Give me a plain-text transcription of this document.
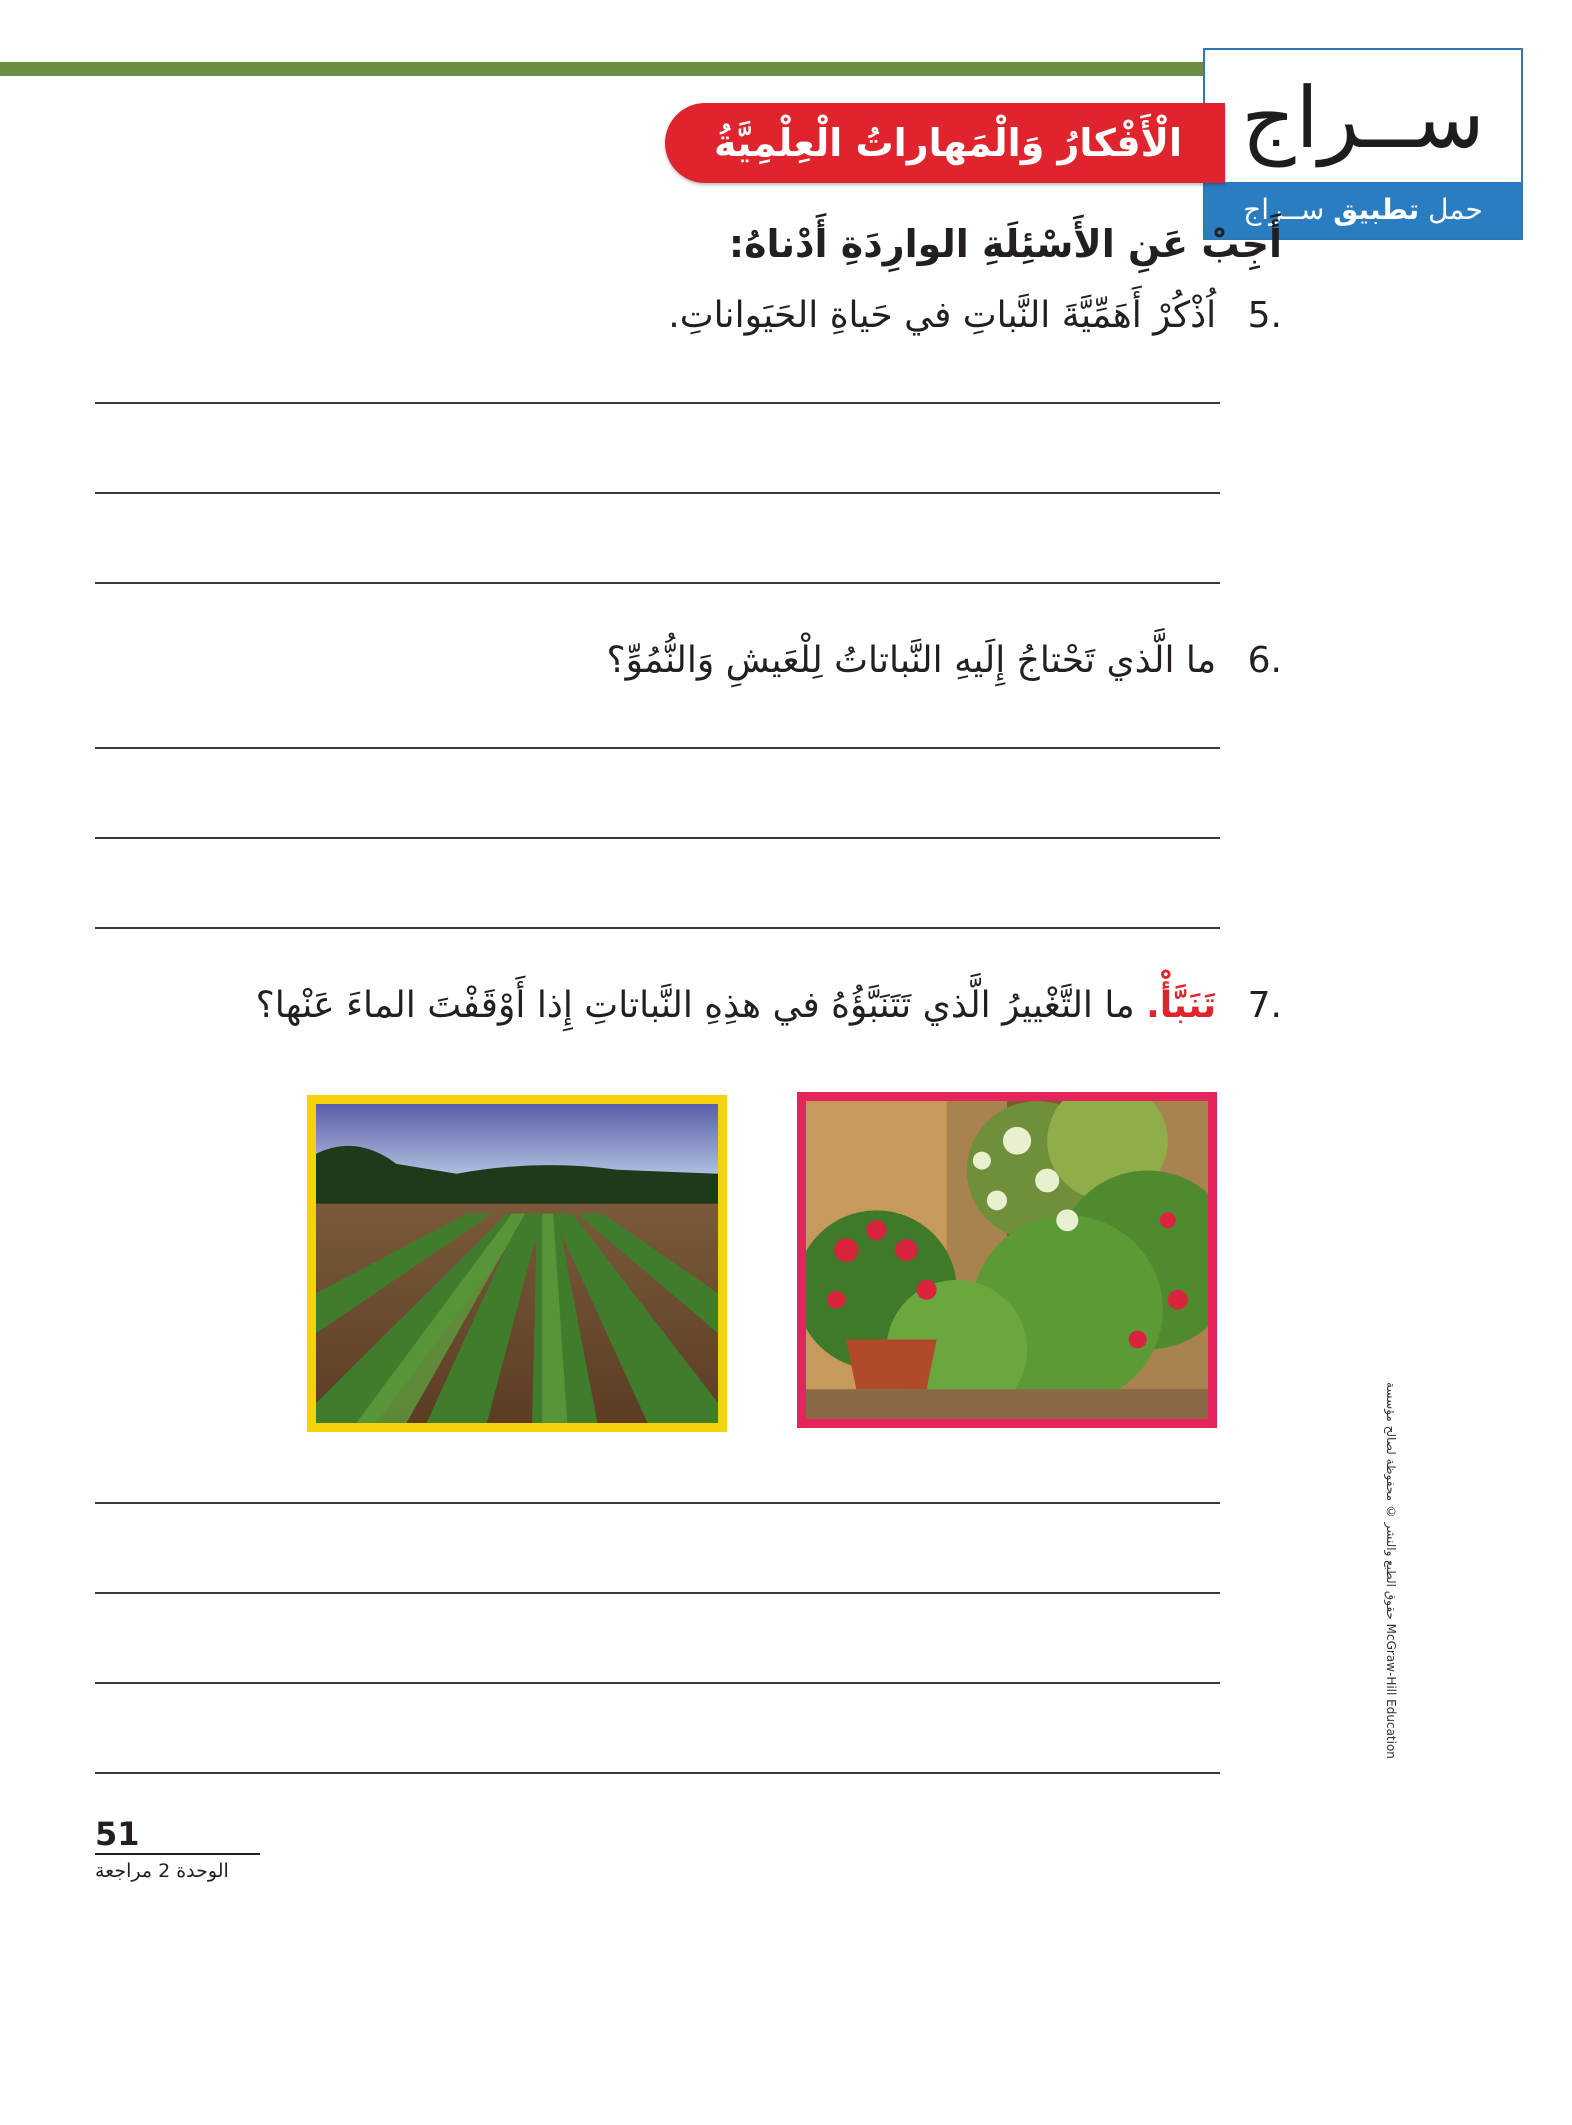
ســراج
حمل تطبيق ســراج
الْأَفْكارُ وَالْمَهاراتُ الْعِلْمِيَّةُ
أَجِبْ عَنِ الأَسْئِلَةِ الوارِدَةِ أَدْناهُ:
.5 اُذْكُرْ أَهَمِّيَّةَ النَّباتِ في حَياةِ الحَيَواناتِ.
.6 ما الَّذي تَحْتاجُ إِلَيهِ النَّباتاتُ لِلْعَيشِ وَالنُّمُوِّ؟
.7 تَنَبَّأْ. ما التَّغْييرُ الَّذي تَتَنَبَّؤُهُ في هذِهِ النَّباتاتِ إِذا أَوْقَفْتَ الماءَ عَنْها؟
51
الوحدة 2 مراجعة
حقوق الطبع والنشر © محفوظة لصالح مؤسسة McGraw-Hill Education
